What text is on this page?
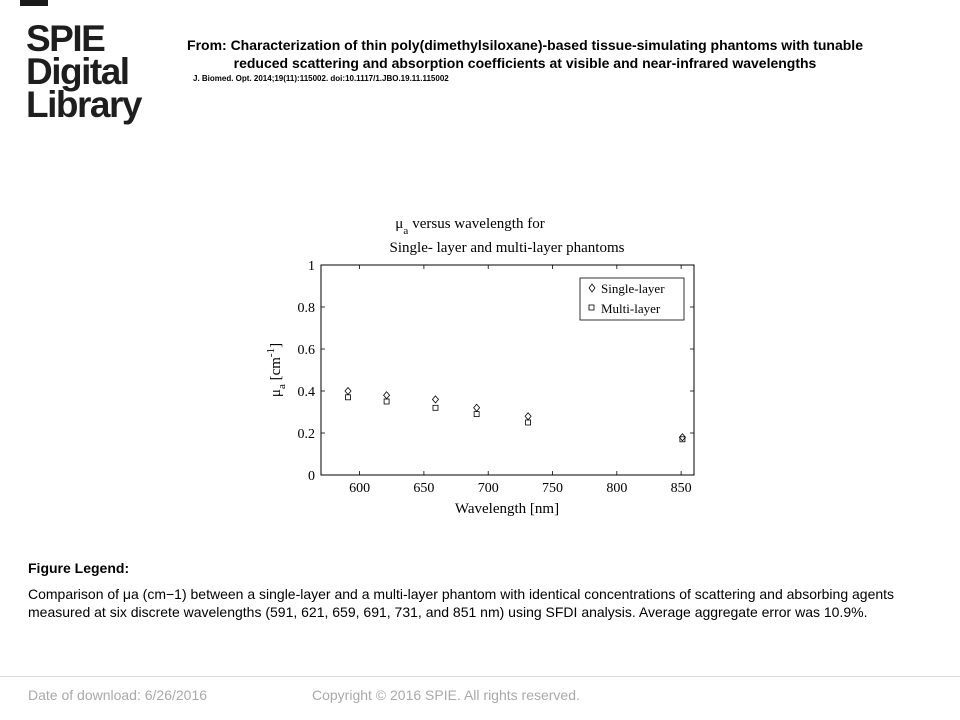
SPIE
Digital
Library
From: Characterization of thin poly(dimethylsiloxane)-based tissue-simulating phantoms with tunable reduced scattering and absorption coefficients at visible and near-infrared wavelengths
J. Biomed. Opt. 2014;19(11):115002. doi:10.1117/1.JBO.19.11.115002
$\mu_a$ versus wavelength for
Single- layer and multi-layer phantoms
0
0.2
0.4
0.6
0.8
1
600	650	700	750	800	850
$\mu_a$ $[cm^{-1}]$
Wavelength [nm]
Single-layer
Multi-layer
Figure Legend:
Comparison of μa (cm−1) between a single-layer and a multi-layer phantom with identical concentrations of scattering and absorbing agents measured at six discrete wavelengths (591, 621, 659, 691, 731, and 851 nm) using SFDI analysis. Average aggregate error was 10.9%.
Date of download: 6/26/2016	Copyright © 2016 SPIE. All rights reserved.
